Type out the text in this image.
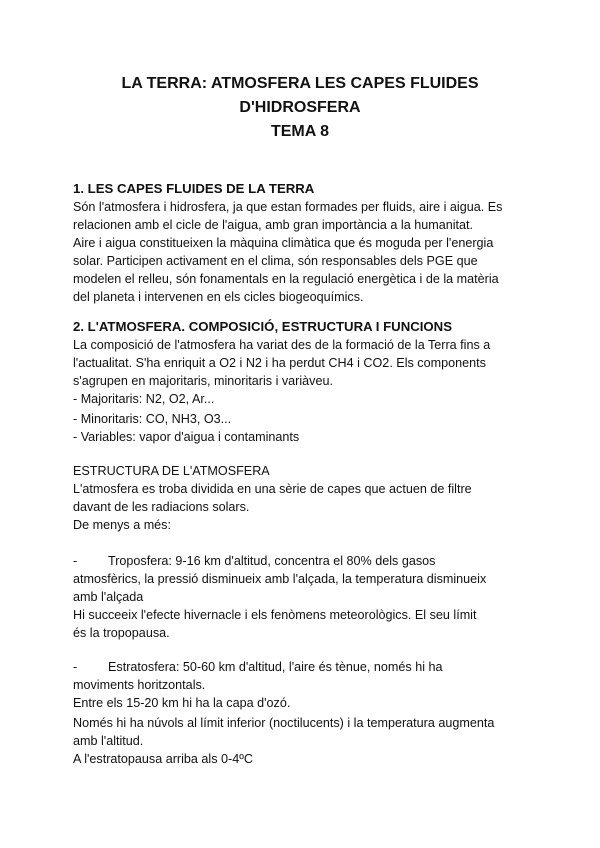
LA TERRA: ATMOSFERA LES CAPES FLUIDES
D'HIDROSFERA
TEMA 8
1. LES CAPES FLUIDES DE LA TERRA
Són l'atmosfera i hidrosfera, ja que estan formades per fluids, aire i aigua. Es
relacionen amb el cicle de l'aigua, amb gran importància a la humanitat.
Aire i aigua constitueixen la màquina climàtica que és moguda per l'energia
solar. Participen activament en el clima, són responsables dels PGE que
modelen el relleu, són fonamentals en la regulació energètica i de la matèria
del planeta i intervenen en els cicles biogeoquímics.
2. L'ATMOSFERA. COMPOSICIÓ, ESTRUCTURA I FUNCIONS
La composició de l'atmosfera ha variat des de la formació de la Terra fins a
l'actualitat. S'ha enriquit a O2 i N2 i ha perdut CH4 i CO2. Els components
s'agrupen en majoritaris, minoritaris i variàveu.
- Majoritaris: N2, O2, Ar...
- Minoritaris: CO, NH3, O3...
- Variables: vapor d'aigua i contaminants
ESTRUCTURA DE L'ATMOSFERA
L'atmosfera es troba dividida en una sèrie de capes que actuen de filtre
davant de les radiacions solars.
De menys a més:
- Troposfera: 9-16 km d'altitud, concentra el 80% dels gasos
atmosfèrics, la pressió disminueix amb l'alçada, la temperatura disminueix
amb l'alçada
Hi succeeix l'efecte hivernacle i els fenòmens meteorològics. El seu límit
és la tropopausa.
- Estratosfera: 50-60 km d'altitud, l'aire és tènue, només hi ha
moviments horitzontals.
Entre els 15-20 km hi ha la capa d'ozó.
Només hi ha núvols al límit inferior (noctilucents) i la temperatura augmenta
amb l'altitud.
A l'estratopausa arriba als 0-4ºC
